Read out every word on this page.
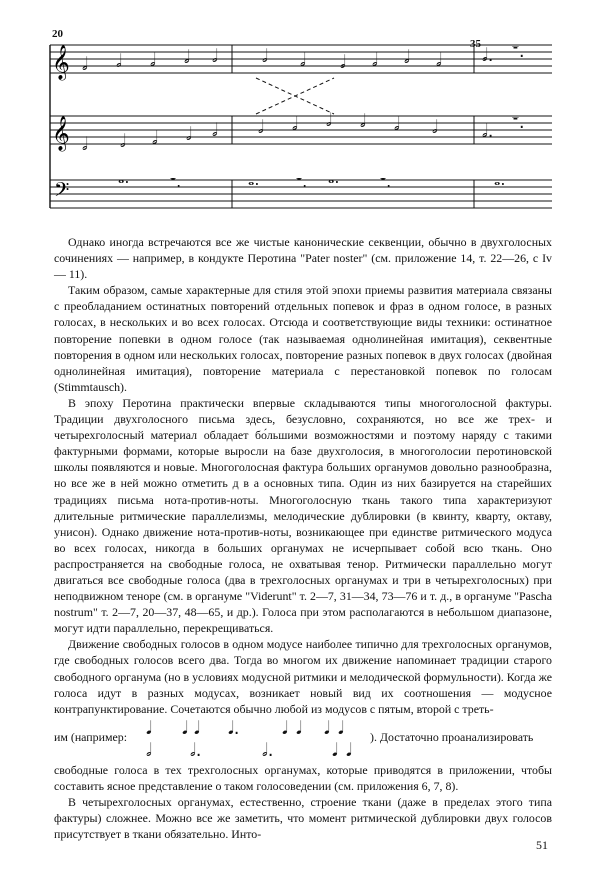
𝄞
𝄞
𝄢
𝅗𝅥 𝅗𝅥 𝅗𝅥 𝅗𝅥 𝅗𝅥 𝅗𝅥 𝅗𝅥 𝅗𝅥 𝅗𝅥 𝅗𝅥 𝅗𝅥 𝅗𝅥. 𝄻.
𝅗𝅥 𝅗𝅥 𝅗𝅥 𝅗𝅥 𝅗𝅥 𝅗𝅥 𝅗𝅥 𝅗𝅥 𝅗𝅥 𝅗𝅥 𝅗𝅥 𝅗𝅥. 𝄻.
𝅝.	𝄻.	𝅝. 𝄻. 𝅝.	𝄻.	𝅝.
20
35

Однако иногда встречаются все же чистые канонические секвенции, обычно в двухголосных сочинениях — например, в кондукте Перотина "Pater noster" (см. приложение 14, т. 22—26, с Iv — 11).

Таким образом, самые характерные для стиля этой эпохи приемы развития материала связаны с преобладанием остинатных повторений отдельных попевок и фраз в одном голосе, в разных голосах, в нескольких и во всех голосах. Отсюда и соответствующие виды техники: остинатное повторение попевки в одном голосе (так называемая однолинейная имитация), секвентные повторения в одном или нескольких голосах, повторение разных попевок в двух голосах (двойная однолинейная имитация), повторение материала с перестановкой попевок по голосам (Stimmtausch).

В эпоху Перотина практически впервые складываются типы многоголосной фактуры. Традиции двухголосного письма здесь, безусловно, сохраняются, но все же трех- и четырехголосный материал обладает бо́льшими возможностями и поэтому наряду с такими фактурными формами, которые выросли на базе двухголосия, в многоголосии перотиновской школы появляются и новые. Многоголосная фактура больших органумов довольно разнообразна, но все же в ней можно отметить д в а основных типа. Один из них базируется на старейших традициях письма нота-против-ноты. Многоголосную ткань такого типа характеризуют длительные ритмические параллелизмы, мелодические дублировки (в квинту, кварту, октаву, унисон). Однако движение нота-против-ноты, возникающее при единстве ритмического модуса во всех голосах, никогда в больших органумах не исчерпывает собой всю ткань. Оно распространяется на свободные голоса, не охватывая тенор. Ритмически параллельно могут двигаться все свободные голоса (два в трехголосных органумах и три в четырехголосных) при неподвижном теноре (см. в органуме "Viderunt" т. 2—7, 31—34, 73—76 и т. д., в органуме "Pascha nostrum" т. 2—7, 20—37, 48—65, и др.). Голоса при этом располагаются в небольшом диапазоне, могут идти параллельно, перекрещиваться.

Движение свободных голосов в одном модусе наиболее типично для трехголосных органумов, где свободных голосов всего два. Тогда во многом их движение напоминает традиции старого свободного органума (но в условиях модусной ритмики и мелодической формульности). Когда же голоса идут в разных модусах, возникает новый вид их соотношения — модусное контрапунктирование. Сочетаются обычно любой из модусов с пятым, второй с треть-

им (например: 𝅘𝅥
𝅗𝅥
𝅘𝅥 𝅘𝅥
𝅗𝅥.
𝅘𝅥.
𝅗𝅥.
𝅘𝅥 𝅘𝅥 𝅘𝅥 𝅘𝅥
𝅘𝅥 𝅘𝅥
). Достаточно проанализировать

свободные голоса в тех трехголосных органумах, которые приводятся в приложении, чтобы составить ясное представление о таком голосоведении (см. приложения 6, 7, 8).

В четырехголосных органумах, естественно, строение ткани (даже в пределах этого типа фактуры) сложнее. Можно все же заметить, что момент ритмической дублировки двух голосов присутствует в ткани обязательно. Инто-

51
